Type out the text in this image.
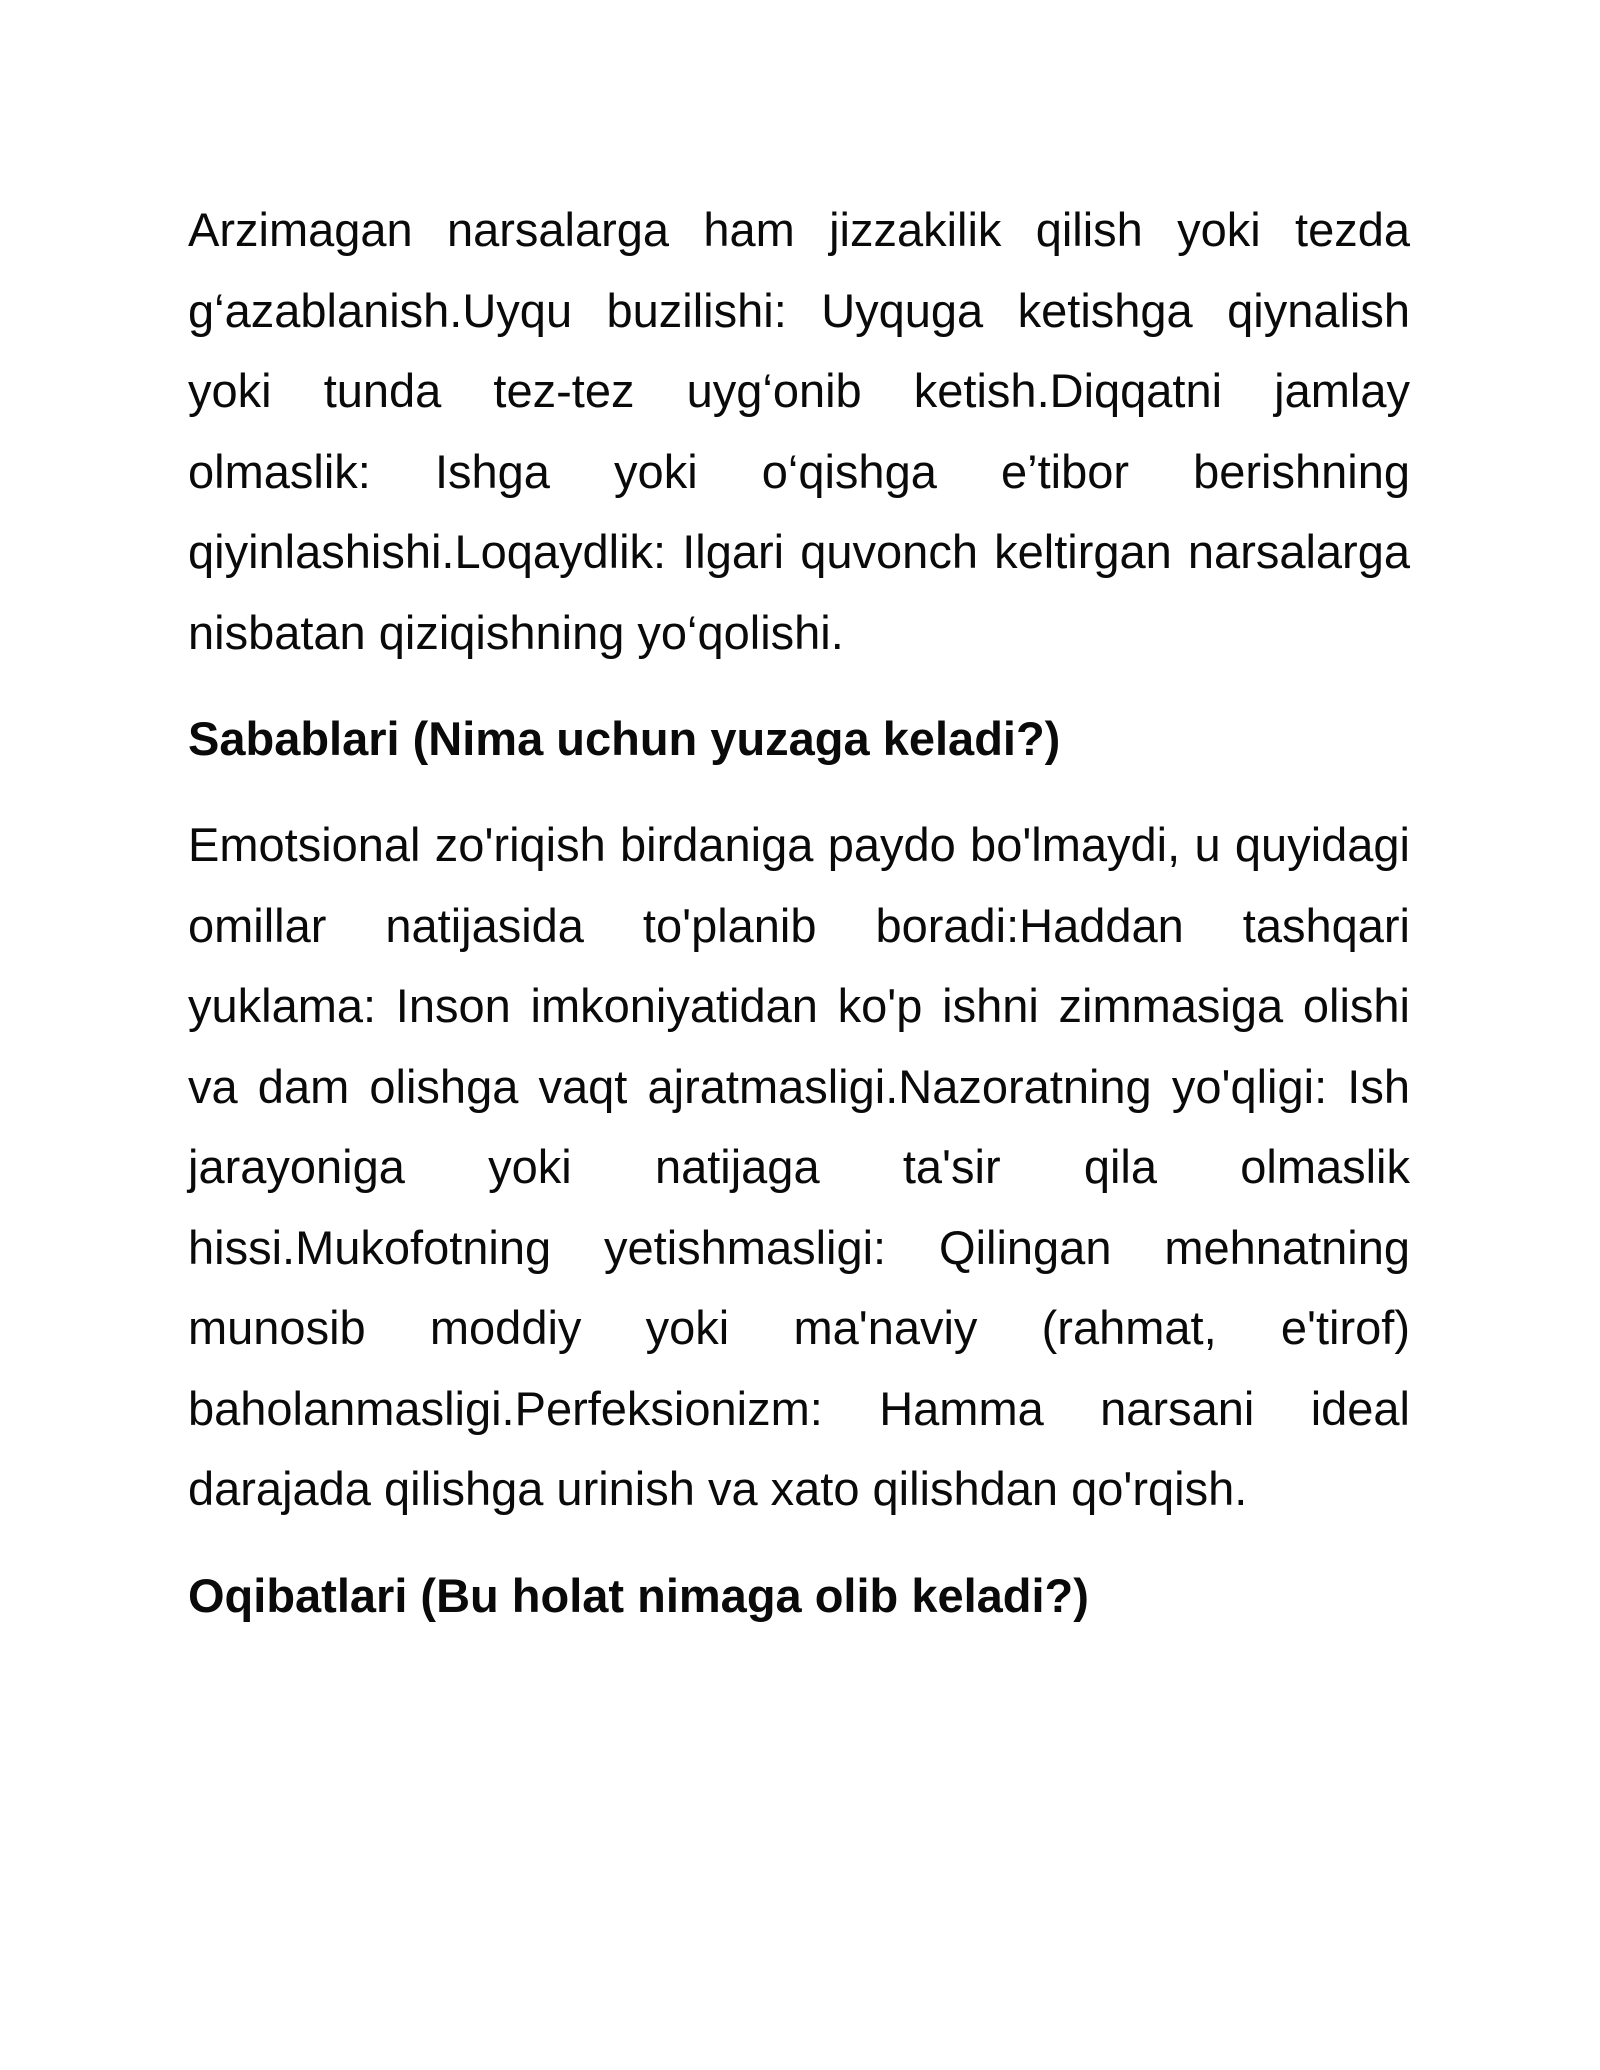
Arzimagan narsalarga ham jizzakilik qilish yoki tezda g‘azablanish.Uyqu buzilishi: Uyquga ketishga qiynalish yoki tunda tez-tez uyg‘onib ketish.Diqqatni jamlay olmaslik: Ishga yoki o‘qishga e’tibor berishning qiyinlashishi.Loqaydlik: Ilgari quvonch keltirgan narsalarga nisbatan qiziqishning yo‘qolishi.

Sabablari (Nima uchun yuzaga keladi?)

Emotsional zo'riqish birdaniga paydo bo'lmaydi, u quyidagi omillar natijasida to'planib boradi:Haddan tashqari yuklama: Inson imkoniyatidan ko'p ishni zimmasiga olishi va dam olishga vaqt ajratmasligi.Nazoratning yo'qligi: Ish jarayoniga yoki natijaga ta'sir qila olmaslik hissi.Mukofotning yetishmasligi: Qilingan mehnatning munosib moddiy yoki ma'naviy (rahmat, e'tirof) baholanmasligi.Perfeksionizm: Hamma narsani ideal darajada qilishga urinish va xato qilishdan qo'rqish.

Oqibatlari (Bu holat nimaga olib keladi?)
